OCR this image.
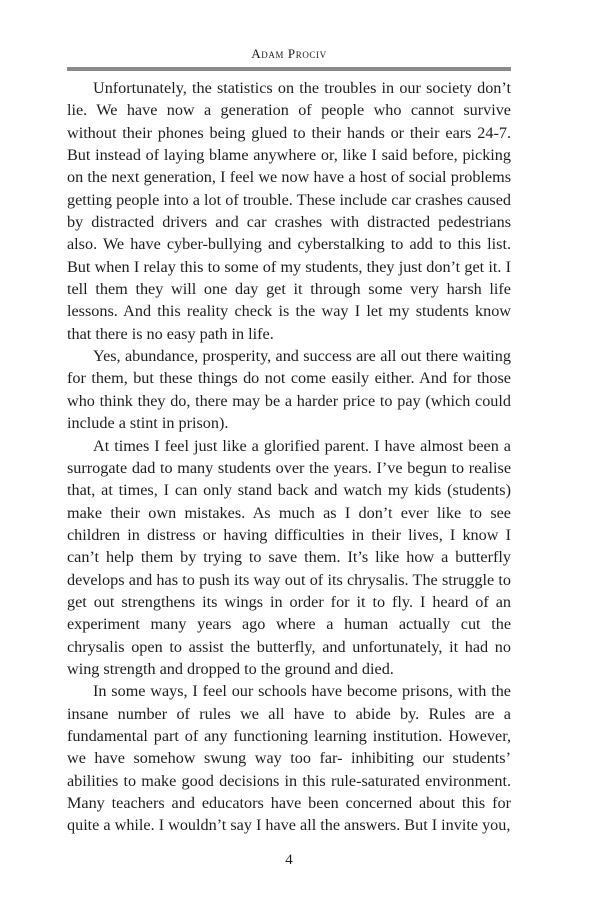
Adam Prociv

Unfortunately, the statistics on the troubles in our society don’t lie. We have now a generation of people who cannot survive without their phones being glued to their hands or their ears 24-7. But instead of laying blame anywhere or, like I said before, picking on the next generation, I feel we now have a host of social problems getting people into a lot of trouble. These include car crashes caused by distracted drivers and car crashes with distracted pedestrians also. We have cyber-bullying and cyberstalking to add to this list. But when I relay this to some of my students, they just don’t get it. I tell them they will one day get it through some very harsh life lessons. And this reality check is the way I let my students know that there is no easy path in life.

Yes, abundance, prosperity, and success are all out there waiting for them, but these things do not come easily either. And for those who think they do, there may be a harder price to pay (which could include a stint in prison).

At times I feel just like a glorified parent. I have almost been a surrogate dad to many students over the years. I’ve begun to realise that, at times, I can only stand back and watch my kids (students) make their own mistakes. As much as I don’t ever like to see children in distress or having difficulties in their lives, I know I can’t help them by trying to save them. It’s like how a butterfly develops and has to push its way out of its chrysalis. The struggle to get out strengthens its wings in order for it to fly. I heard of an experiment many years ago where a human actually cut the chrysalis open to assist the butterfly, and unfortunately, it had no wing strength and dropped to the ground and died.

In some ways, I feel our schools have become prisons, with the insane number of rules we all have to abide by. Rules are a fundamental part of any functioning learning institution. However, we have somehow swung way too far- inhibiting our students’ abilities to make good decisions in this rule-saturated environment. Many teachers and educators have been concerned about this for quite a while. I wouldn’t say I have all the answers. But I invite you,

4
